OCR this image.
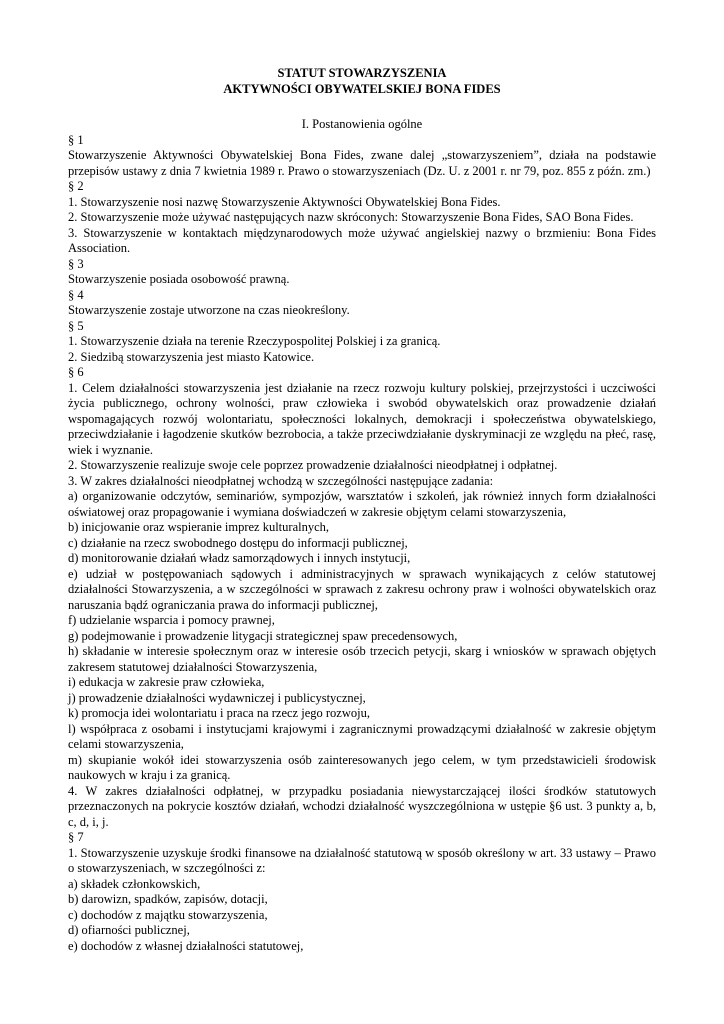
STATUT STOWARZYSZENIA

AKTYWNOŚCI OBYWATELSKIEJ BONA FIDES

I. Postanowienia ogólne

§ 1

Stowarzyszenie Aktywności Obywatelskiej Bona Fides, zwane dalej „stowarzyszeniem”, działa na podstawie przepisów ustawy z dnia 7 kwietnia 1989 r. Prawo o stowarzyszeniach (Dz. U. z 2001 r. nr 79, poz. 855 z późn. zm.)

§ 2

1. Stowarzyszenie nosi nazwę Stowarzyszenie Aktywności Obywatelskiej Bona Fides.

2. Stowarzyszenie może używać następujących nazw skróconych: Stowarzyszenie Bona Fides, SAO Bona Fides.

3. Stowarzyszenie w kontaktach międzynarodowych może używać angielskiej nazwy o brzmieniu: Bona Fides Association.

§ 3

Stowarzyszenie posiada osobowość prawną.

§ 4

Stowarzyszenie zostaje utworzone na czas nieokreślony.

§ 5

1. Stowarzyszenie działa na terenie Rzeczypospolitej Polskiej i za granicą.

2. Siedzibą stowarzyszenia jest miasto Katowice.

§ 6

1. Celem działalności stowarzyszenia jest działanie na rzecz rozwoju kultury polskiej, przejrzystości i uczciwości życia publicznego, ochrony wolności, praw człowieka i swobód obywatelskich oraz prowadzenie działań wspomagających rozwój wolontariatu, społeczności lokalnych, demokracji i społeczeństwa obywatelskiego, przeciwdziałanie i łagodzenie skutków bezrobocia, a także przeciwdziałanie dyskryminacji ze względu na płeć, rasę, wiek i wyznanie.

2. Stowarzyszenie realizuje swoje cele poprzez prowadzenie działalności nieodpłatnej i odpłatnej.

3. W zakres działalności nieodpłatnej wchodzą w szczególności następujące zadania:

a) organizowanie odczytów, seminariów, sympozjów, warsztatów i szkoleń, jak również innych form działalności oświatowej oraz propagowanie i wymiana doświadczeń w zakresie objętym celami stowarzyszenia,

b) inicjowanie oraz wspieranie imprez kulturalnych,

c) działanie na rzecz swobodnego dostępu do informacji publicznej,

d) monitorowanie działań władz samorządowych i innych instytucji,

e) udział w postępowaniach sądowych i administracyjnych w sprawach wynikających z celów statutowej działalności Stowarzyszenia, a w szczególności w sprawach z zakresu ochrony praw i wolności obywatelskich oraz naruszania bądź ograniczania prawa do informacji publicznej,

f) udzielanie wsparcia i pomocy prawnej,

g) podejmowanie i prowadzenie litygacji strategicznej spaw precedensowych,

h) składanie w interesie społecznym oraz w interesie osób trzecich petycji, skarg i wniosków w sprawach objętych zakresem statutowej działalności Stowarzyszenia,

i) edukacja w zakresie praw człowieka,

j) prowadzenie działalności wydawniczej i publicystycznej,

k) promocja idei wolontariatu i praca na rzecz jego rozwoju,

l) współpraca z osobami i instytucjami krajowymi i zagranicznymi prowadzącymi działalność w zakresie objętym celami stowarzyszenia,

m) skupianie wokół idei stowarzyszenia osób zainteresowanych jego celem, w tym przedstawicieli środowisk naukowych w kraju i za granicą.

4. W zakres działalności odpłatnej, w przypadku posiadania niewystarczającej ilości środków statutowych przeznaczonych na pokrycie kosztów działań, wchodzi działalność wyszczególniona w ustępie §6 ust. 3 punkty a, b, c, d, i, j.

§ 7

1. Stowarzyszenie uzyskuje środki finansowe na działalność statutową w sposób określony w art. 33 ustawy – Prawo o stowarzyszeniach, w szczególności z:

a) składek członkowskich,

b) darowizn, spadków, zapisów, dotacji,

c) dochodów z majątku stowarzyszenia,

d) ofiarności publicznej,

e) dochodów z własnej działalności statutowej,
